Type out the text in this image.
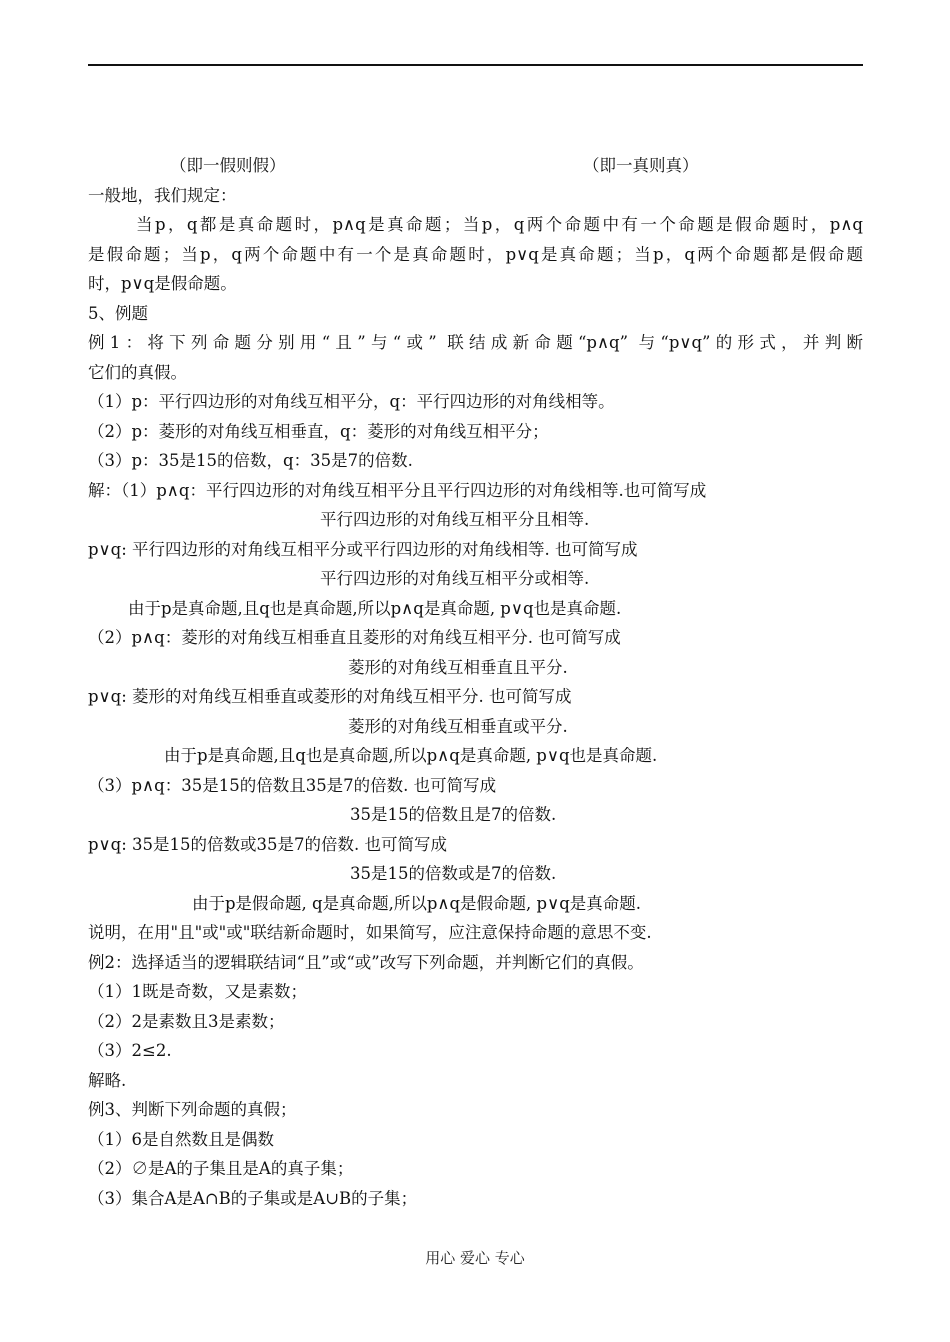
（即一假则假）	（即一真则真）
一般地，我们规定：
当p，q都是真命题时，p∧q是真命题；当p，q两个命题中有一个命题是假命题时，p∧q
是假命题；当p，q两个命题中有一个是真命题时，p∨q是真命题；当p，q两个命题都是假命题
时，p∨q是假命题。
5、例题
例1：将下列命题分别用“且”与“或” 联结成新命题“p∧q” 与“p∨q”的形式，并判断
它们的真假。
（1）p：平行四边形的对角线互相平分，q：平行四边形的对角线相等。
（2）p：菱形的对角线互相垂直，q：菱形的对角线互相平分；
（3）p：35是15的倍数，q：35是7的倍数.
解：（1）p∧q：平行四边形的对角线互相平分且平行四边形的对角线相等.也可简写成
平行四边形的对角线互相平分且相等.
p∨q: 平行四边形的对角线互相平分或平行四边形的对角线相等. 也可简写成
平行四边形的对角线互相平分或相等.
由于p是真命题,且q也是真命题,所以p∧q是真命题, p∨q也是真命题.
（2）p∧q：菱形的对角线互相垂直且菱形的对角线互相平分. 也可简写成
菱形的对角线互相垂直且平分.
p∨q: 菱形的对角线互相垂直或菱形的对角线互相平分. 也可简写成
菱形的对角线互相垂直或平分.
由于p是真命题,且q也是真命题,所以p∧q是真命题, p∨q也是真命题.
（3）p∧q：35是15的倍数且35是7的倍数. 也可简写成
35是15的倍数且是7的倍数.
p∨q: 35是15的倍数或35是7的倍数. 也可简写成
35是15的倍数或是7的倍数.
由于p是假命题, q是真命题,所以p∧q是假命题, p∨q是真命题.
说明，在用"且"或"或"联结新命题时，如果简写，应注意保持命题的意思不变.
例2：选择适当的逻辑联结词“且”或“或”改写下列命题，并判断它们的真假。
（1）1既是奇数，又是素数；
（2）2是素数且3是素数；
（3）2≤2.
解略.
例3、判断下列命题的真假；
（1）6是自然数且是偶数
（2）∅是A的子集且是A的真子集；
（3）集合A是A∩B的子集或是A∪B的子集；
用心 爱心 专心
